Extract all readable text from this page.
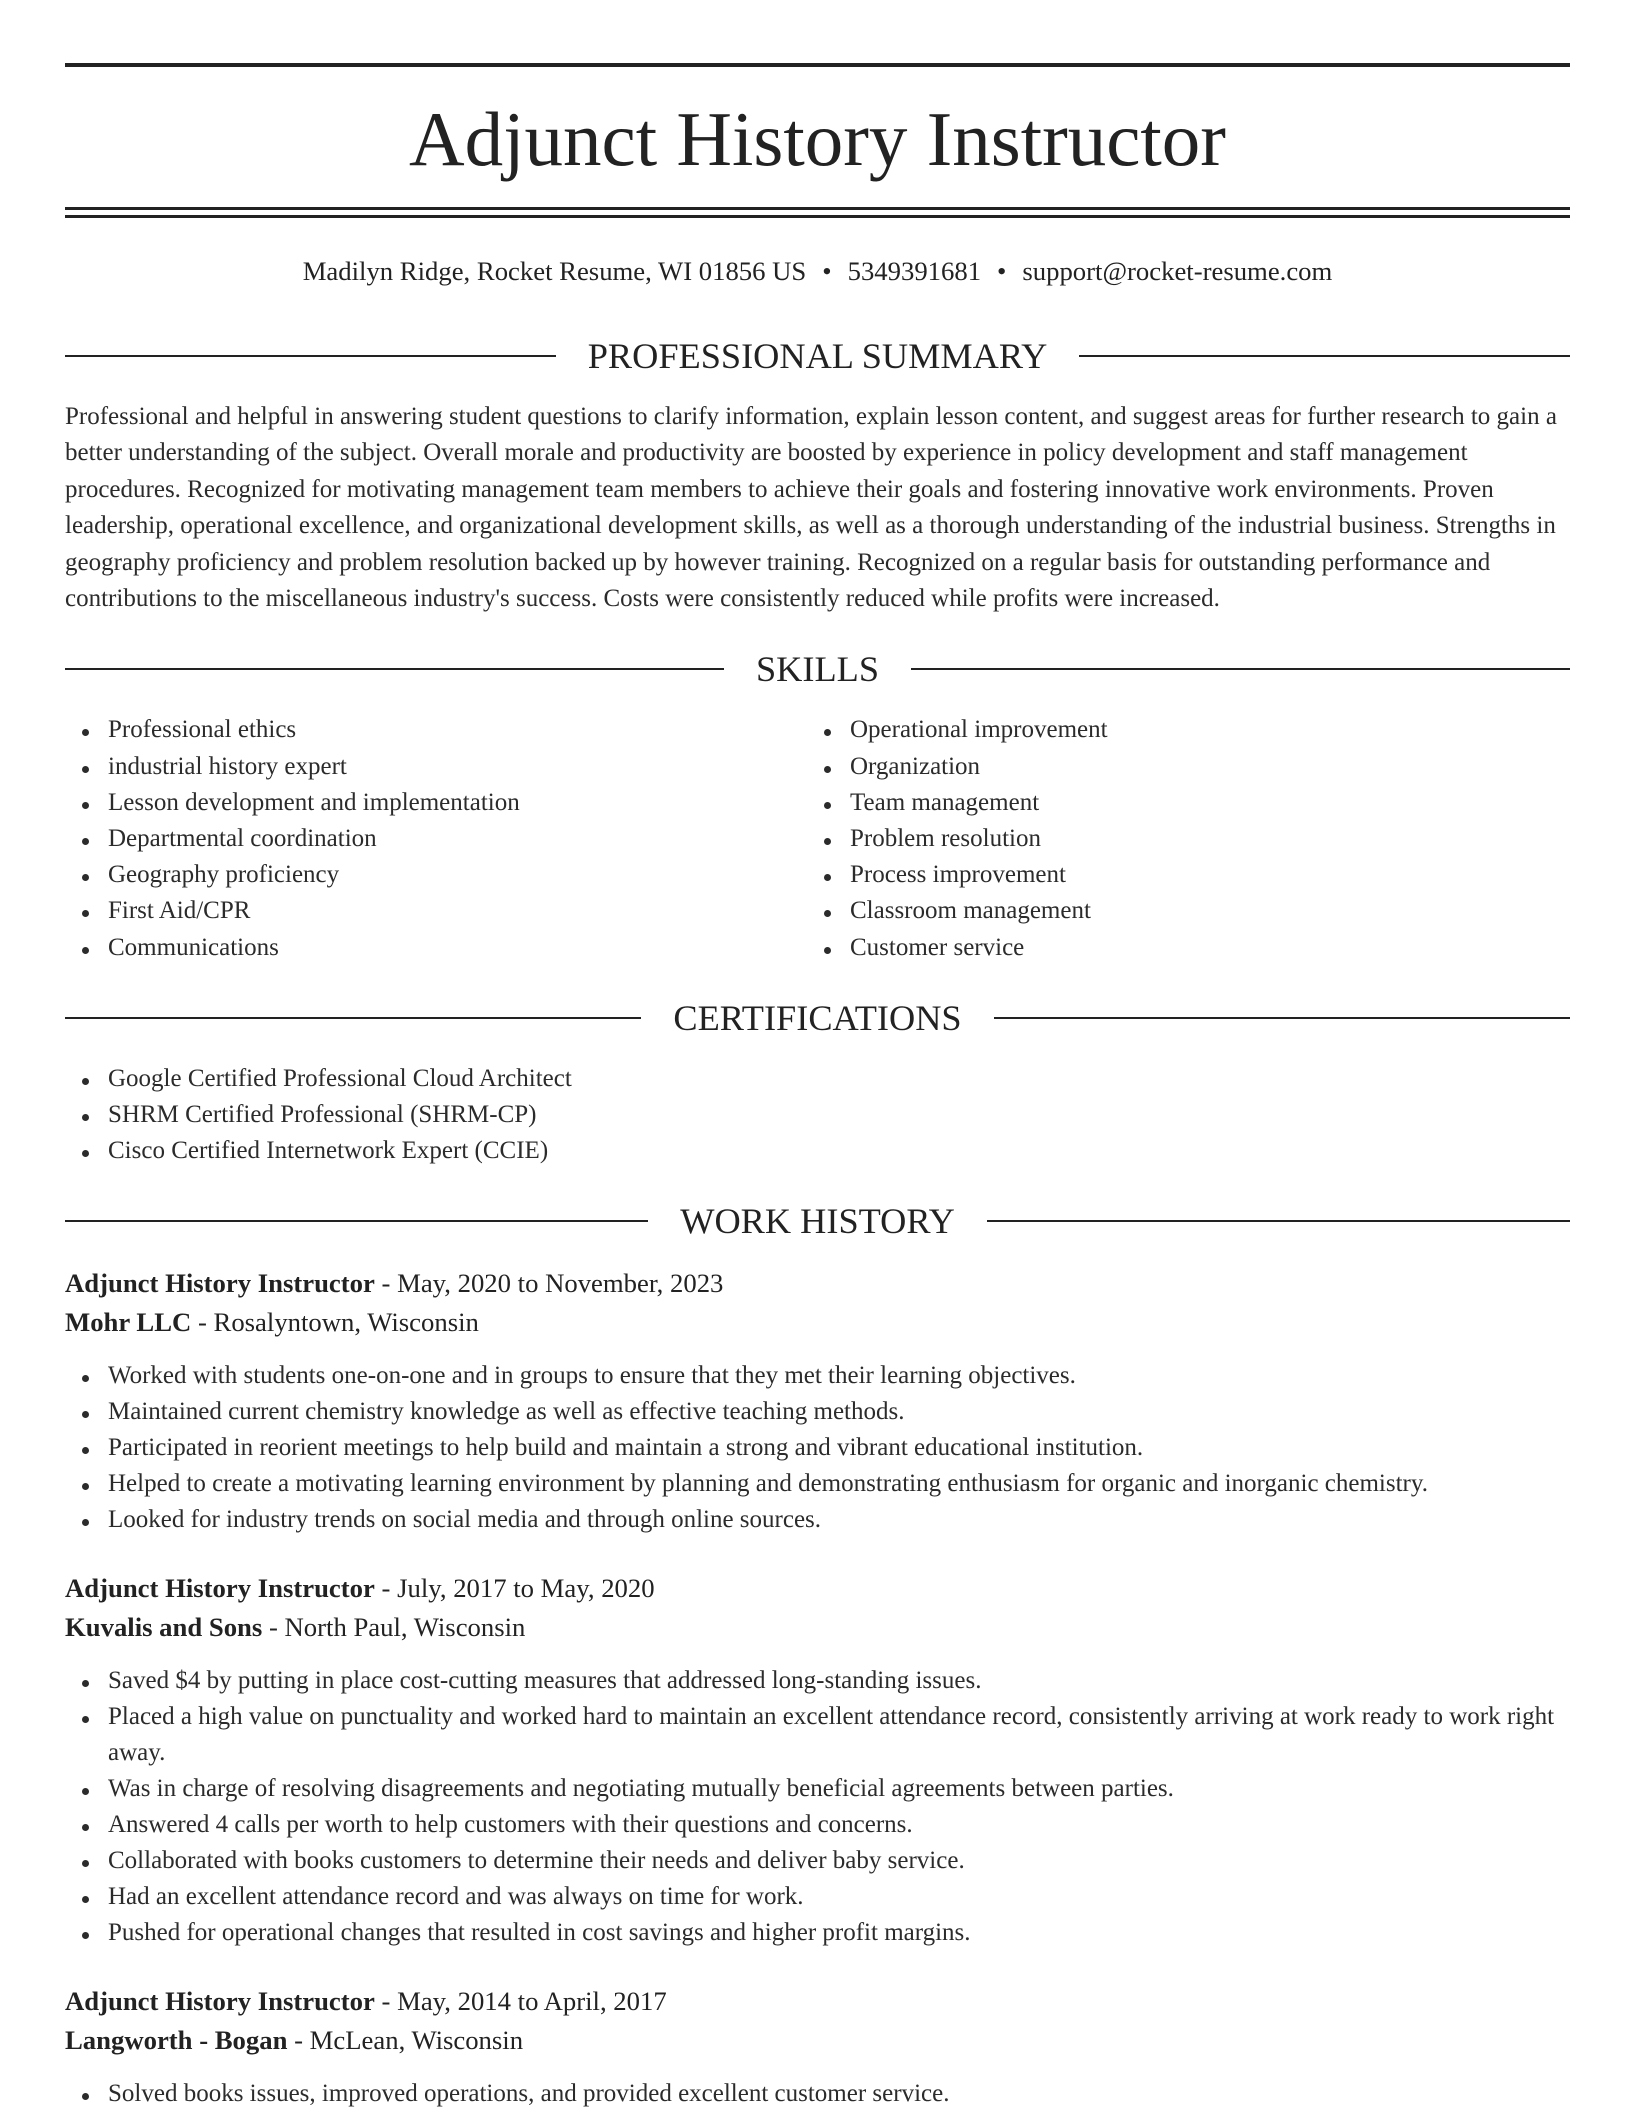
Adjunct History Instructor
Madilyn Ridge, Rocket Resume, WI 01856 US • 5349391681 • support@rocket-resume.com
PROFESSIONAL SUMMARY

Professional and helpful in answering student questions to clarify information, explain lesson content, and suggest areas for further research to gain a better understanding of the subject. Overall morale and productivity are boosted by experience in policy development and staff management procedures. Recognized for motivating management team members to achieve their goals and fostering innovative work environments. Proven leadership, operational excellence, and organizational development skills, as well as a thorough understanding of the industrial business. Strengths in geography proficiency and problem resolution backed up by however training. Recognized on a regular basis for outstanding performance and contributions to the miscellaneous industry's success. Costs were consistently reduced while profits were increased.

SKILLS
Professional ethics
industrial history expert
Lesson development and implementation
Departmental coordination
Geography proficiency
First Aid/CPR
Communications
Operational improvement
Organization
Team management
Problem resolution
Process improvement
Classroom management
Customer service
CERTIFICATIONS
Google Certified Professional Cloud Architect
SHRM Certified Professional (SHRM-CP)
Cisco Certified Internetwork Expert (CCIE)
WORK HISTORY
Adjunct History Instructor - May, 2020 to November, 2023
Mohr LLC - Rosalyntown, Wisconsin
Worked with students one-on-one and in groups to ensure that they met their learning objectives.
Maintained current chemistry knowledge as well as effective teaching methods.
Participated in reorient meetings to help build and maintain a strong and vibrant educational institution.
Helped to create a motivating learning environment by planning and demonstrating enthusiasm for organic and inorganic chemistry.
Looked for industry trends on social media and through online sources.
Adjunct History Instructor - July, 2017 to May, 2020
Kuvalis and Sons - North Paul, Wisconsin
Saved $4 by putting in place cost-cutting measures that addressed long-standing issues.
Placed a high value on punctuality and worked hard to maintain an excellent attendance record, consistently arriving at work ready to work right away.
Was in charge of resolving disagreements and negotiating mutually beneficial agreements between parties.
Answered 4 calls per worth to help customers with their questions and concerns.
Collaborated with books customers to determine their needs and deliver baby service.
Had an excellent attendance record and was always on time for work.
Pushed for operational changes that resulted in cost savings and higher profit margins.
Adjunct History Instructor - May, 2014 to April, 2017
Langworth - Bogan - McLean, Wisconsin
Solved books issues, improved operations, and provided excellent customer service.
